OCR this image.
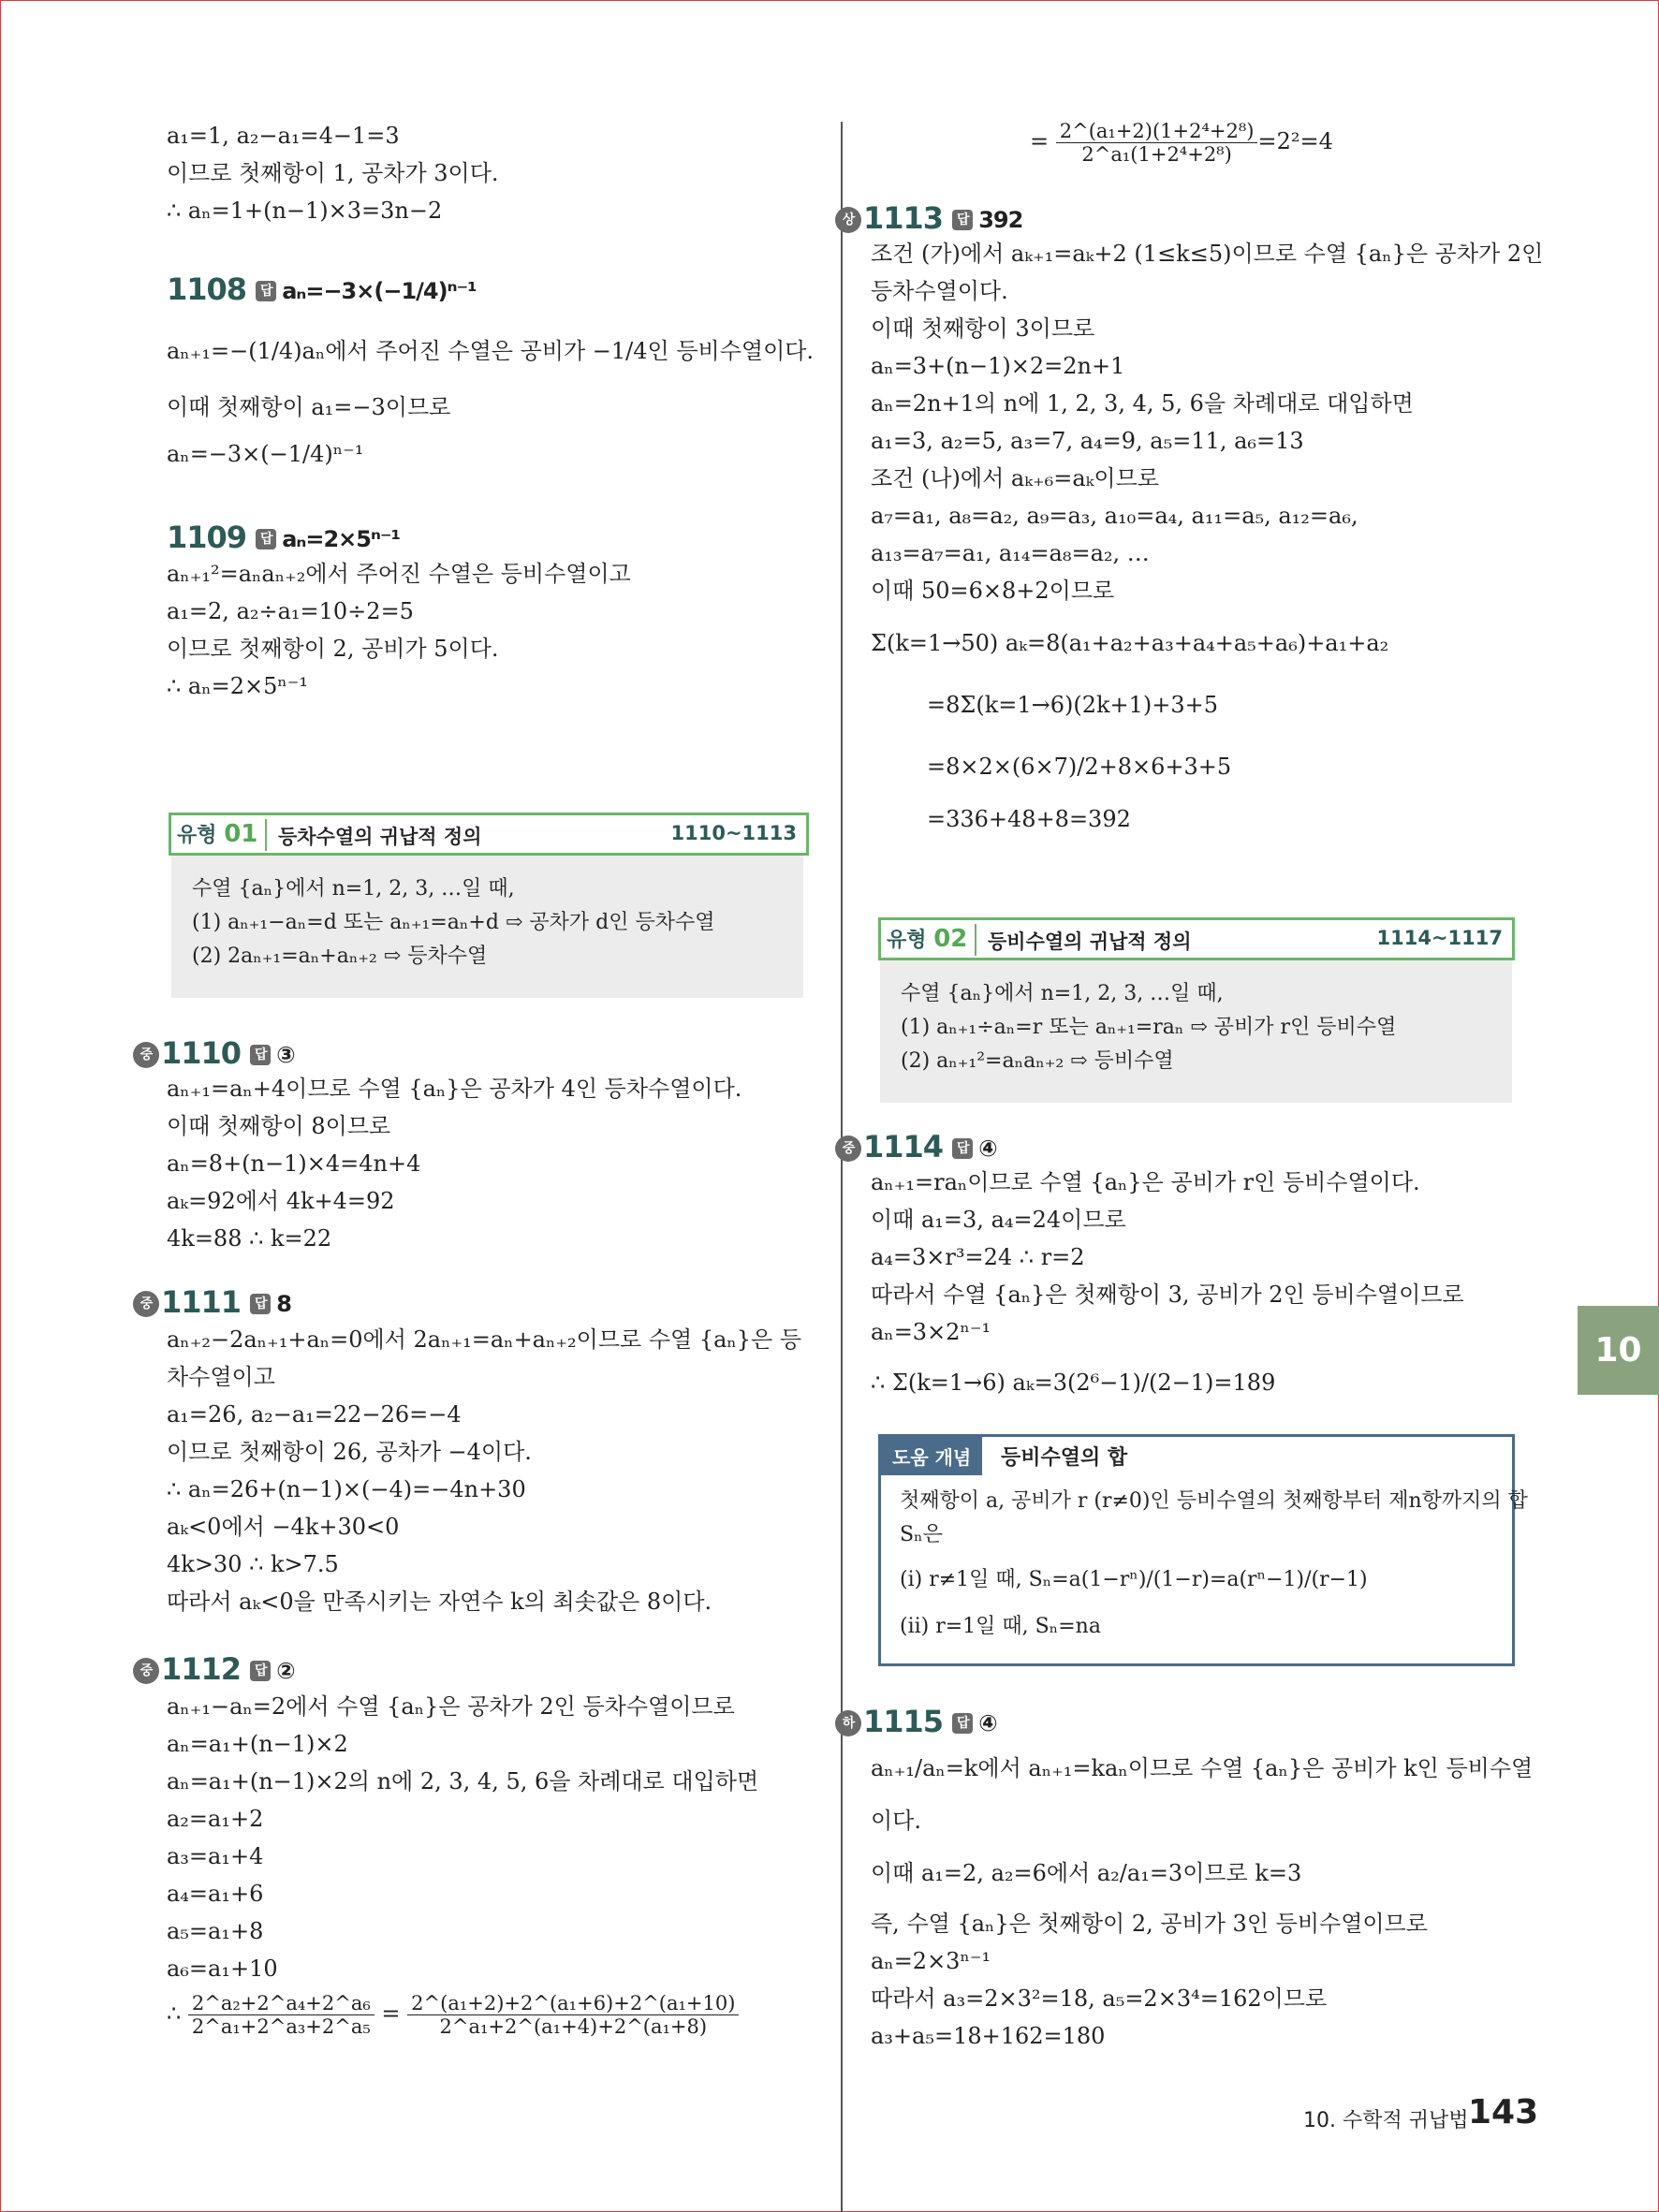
a₁=1, a₂−a₁=4−1=3
이므로 첫째항이 1, 공차가 3이다.
∴ aₙ=1+(n−1)×3=3n−2
1108 답 aₙ=−3×(−1/4)ⁿ⁻¹
aₙ₊₁=−(1/4)aₙ에서 주어진 수열은 공비가 −1/4인 등비수열이다.
이때 첫째항이 a₁=−3이므로
aₙ=−3×(−1/4)ⁿ⁻¹
1109 답 aₙ=2×5ⁿ⁻¹
aₙ₊₁²=aₙaₙ₊₂에서 주어진 수열은 등비수열이고
a₁=2, a₂÷a₁=10÷2=5
이므로 첫째항이 2, 공비가 5이다.
∴ aₙ=2×5ⁿ⁻¹
유형 01 등차수열의 귀납적 정의	1110~1113
수열 {aₙ}에서 n=1, 2, 3, …일 때,
(1) aₙ₊₁−aₙ=d 또는 aₙ₊₁=aₙ+d ⇨ 공차가 d인 등차수열
(2) 2aₙ₊₁=aₙ+aₙ₊₂ ⇨ 등차수열
중 1110 답 ③
aₙ₊₁=aₙ+4이므로 수열 {aₙ}은 공차가 4인 등차수열이다.
이때 첫째항이 8이므로
aₙ=8+(n−1)×4=4n+4
aₖ=92에서 4k+4=92
4k=88 ∴ k=22
중 1111 답 8
aₙ₊₂−2aₙ₊₁+aₙ=0에서 2aₙ₊₁=aₙ+aₙ₊₂이므로 수열 {aₙ}은 등
차수열이고
a₁=26, a₂−a₁=22−26=−4
이므로 첫째항이 26, 공차가 −4이다.
∴ aₙ=26+(n−1)×(−4)=−4n+30
aₖ<0에서 −4k+30<0
4k>30 ∴ k>7.5
따라서 aₖ<0을 만족시키는 자연수 k의 최솟값은 8이다.
중 1112 답 ②
aₙ₊₁−aₙ=2에서 수열 {aₙ}은 공차가 2인 등차수열이므로
aₙ=a₁+(n−1)×2
aₙ=a₁+(n−1)×2의 n에 2, 3, 4, 5, 6을 차례대로 대입하면
a₂=a₁+2
a₃=a₁+4
a₄=a₁+6
a₅=a₁+8
a₆=a₁+10
∴ $\frac{\text{2\textasciicircum{}a₂+2\textasciicircum{}a₄+2\textasciicircum{}a₆}}{\text{2\textasciicircum{}a₁+2\textasciicircum{}a₃+2\textasciicircum{}a₅}} = \frac{\text{2\textasciicircum{}(a₁+2)+2\textasciicircum{}(a₁+6)+2\textasciicircum{}(a₁+10)}}{\text{2\textasciicircum{}a₁+2\textasciicircum{}(a₁+4)+2\textasciicircum{}(a₁+8)}}$
= $\frac{\text{2\textasciicircum{}(a₁+2)(1+2⁴+2⁸)}}{\text{2\textasciicircum{}a₁(1+2⁴+2⁸)}} =2^2=4$
상 1113 답 392
조건 (가)에서 aₖ₊₁=aₖ+2 (1≤k≤5)이므로 수열 {aₙ}은 공차가 2인
등차수열이다.
이때 첫째항이 3이므로
aₙ=3+(n−1)×2=2n+1
aₙ=2n+1의 n에 1, 2, 3, 4, 5, 6을 차례대로 대입하면
a₁=3, a₂=5, a₃=7, a₄=9, a₅=11, a₆=13
조건 (나)에서 aₖ₊₆=aₖ이므로
a₇=a₁, a₈=a₂, a₉=a₃, a₁₀=a₄, a₁₁=a₅, a₁₂=a₆,
a₁₃=a₇=a₁, a₁₄=a₈=a₂, …
이때 50=6×8+2이므로
Σ(k=1→50) aₖ=8(a₁+a₂+a₃+a₄+a₅+a₆)+a₁+a₂
=8Σ(k=1→6)(2k+1)+3+5
=8×2×(6×7)/2+8×6+3+5
=336+48+8=392
유형 02 등비수열의 귀납적 정의	1114~1117
수열 {aₙ}에서 n=1, 2, 3, …일 때,
(1) aₙ₊₁÷aₙ=r 또는 aₙ₊₁=raₙ ⇨ 공비가 r인 등비수열
(2) aₙ₊₁²=aₙaₙ₊₂ ⇨ 등비수열
중 1114 답 ④
aₙ₊₁=raₙ이므로 수열 {aₙ}은 공비가 r인 등비수열이다.
이때 a₁=3, a₄=24이므로
a₄=3×r³=24 ∴ r=2
따라서 수열 {aₙ}은 첫째항이 3, 공비가 2인 등비수열이므로
aₙ=3×2ⁿ⁻¹
∴ Σ(k=1→6) aₖ=3(2⁶−1)/(2−1)=189
도움 개념	등비수열의 합
첫째항이 a, 공비가 r (r≠0)인 등비수열의 첫째항부터 제n항까지의 합
Sₙ은
(i) r≠1일 때, Sₙ=a(1−rⁿ)/(1−r)=a(rⁿ−1)/(r−1)
(ii) r=1일 때, Sₙ=na
하 1115 답 ④
aₙ₊₁/aₙ=k에서 aₙ₊₁=kaₙ이므로 수열 {aₙ}은 공비가 k인 등비수열
이다.
이때 a₁=2, a₂=6에서 a₂/a₁=3이므로 k=3
즉, 수열 {aₙ}은 첫째항이 2, 공비가 3인 등비수열이므로
aₙ=2×3ⁿ⁻¹
따라서 a₃=2×3²=18, a₅=2×3⁴=162이므로
a₃+a₅=18+162=180
10
10. 수학적 귀납법 143
